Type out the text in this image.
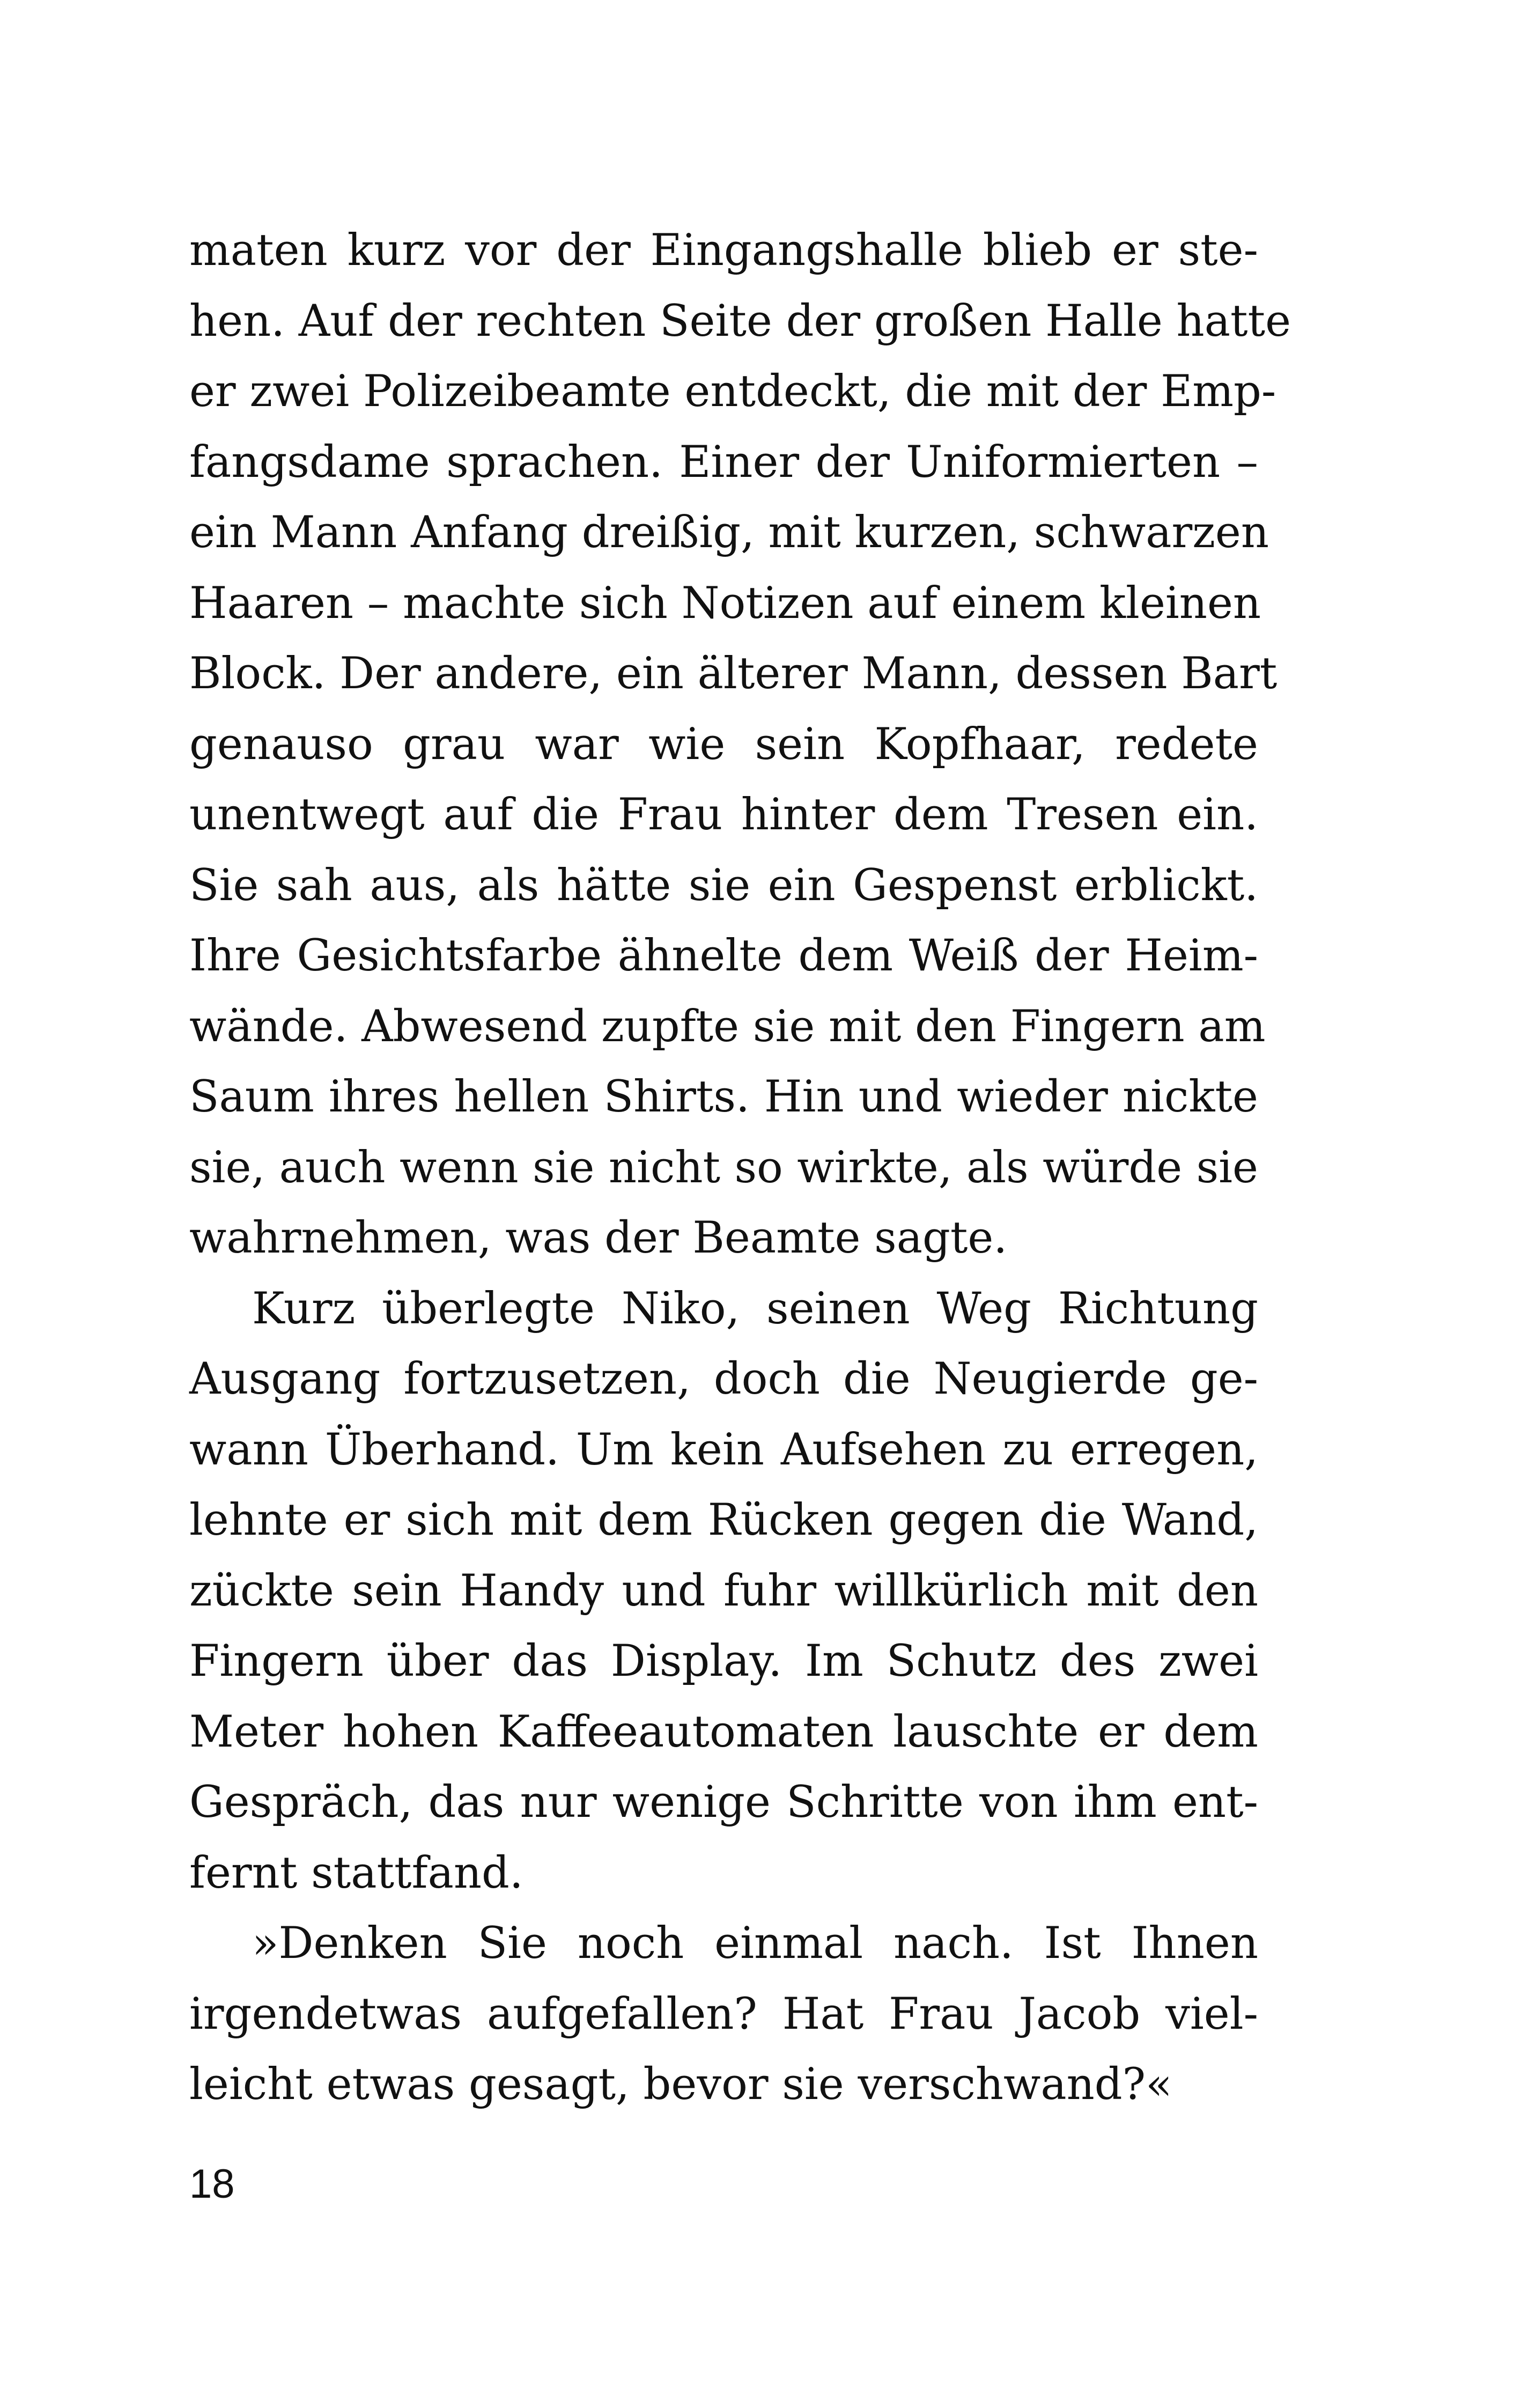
maten kurz vor der Eingangshalle blieb er ste-
hen. Auf der rechten Seite der großen Halle hatte
er zwei Polizeibeamte entdeckt, die mit der Emp-
fangsdame sprachen. Einer der Uniformierten –
ein Mann Anfang dreißig, mit kurzen, schwarzen
Haaren – machte sich Notizen auf einem kleinen
Block. Der andere, ein älterer Mann, dessen Bart
genauso grau war wie sein Kopfhaar, redete
unentwegt auf die Frau hinter dem Tresen ein.
Sie sah aus, als hätte sie ein Gespenst erblickt.
Ihre Gesichtsfarbe ähnelte dem Weiß der Heim-
wände. Abwesend zupfte sie mit den Fingern am
Saum ihres hellen Shirts. Hin und wieder nickte
sie, auch wenn sie nicht so wirkte, als würde sie
wahrnehmen, was der Beamte sagte.
Kurz überlegte Niko, seinen Weg Richtung
Ausgang fortzusetzen, doch die Neugierde ge-
wann Überhand. Um kein Aufsehen zu erregen,
lehnte er sich mit dem Rücken gegen die Wand,
zückte sein Handy und fuhr willkürlich mit den
Fingern über das Display. Im Schutz des zwei
Meter hohen Kaffeeautomaten lauschte er dem
Gespräch, das nur wenige Schritte von ihm ent-
fernt stattfand.
»Denken Sie noch einmal nach. Ist Ihnen
irgendetwas aufgefallen? Hat Frau Jacob viel-
leicht etwas gesagt, bevor sie verschwand?«
18
